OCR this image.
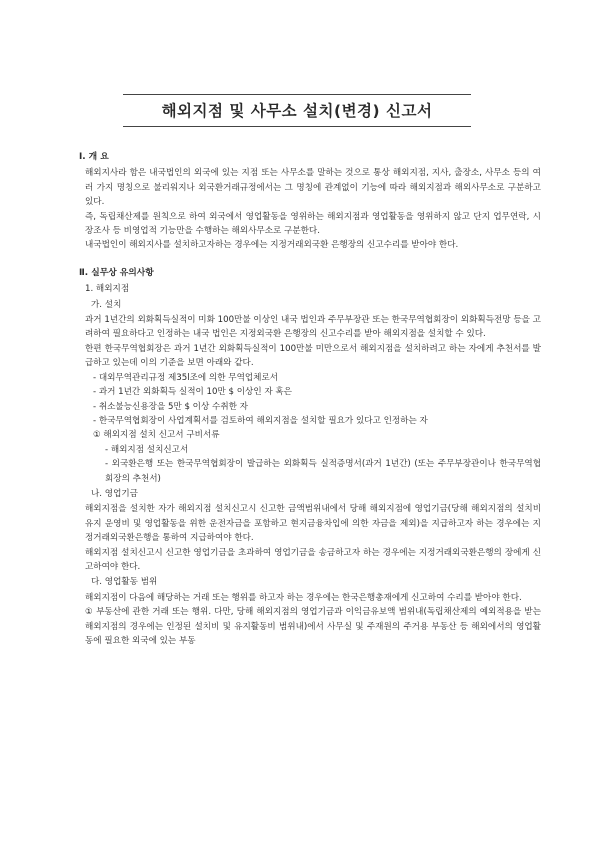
해외지점 및 사무소 설치(변경) 신고서
Ⅰ. 개 요

해외지사라 함은 내국법인의 외국에 있는 지점 또는 사무소를 말하는 것으로 통상 해외지점, 지사, 출장소, 사무소 등의 여러 가지 명칭으로 불리워지나 외국환거래규정에서는 그 명칭에 관계없이 기능에 따라 해외지점과 해외사무소로 구분하고 있다.

즉, 독립채산제를 원칙으로 하여 외국에서 영업활동을 영위하는 해외지점과 영업활동을 영위하지 않고 단지 업무연락, 시장조사 등 비영업적 기능만을 수행하는 해외사무소로 구분한다.

내국법인이 해외지사를 설치하고자하는 경우에는 지정거래외국환 은행장의 신고수리를 받아야 한다.

Ⅱ. 실무상 유의사항
1. 해외지점
가. 설치

과거 1년간의 외화획득실적이 미화 100만불 이상인 내국 법인과 주무부장관 또는 한국무역협회장이 외화획득전망 등을 고려하여 필요하다고 인정하는 내국 법인은 지정외국환 은행장의 신고수리를 받아 해외지점을 설치할 수 있다.

한편 한국무역협회장은 과거 1년간 외화획득실적이 100만불 미만으로서 해외지점을 설치하려고 하는 자에게 추천서를 발급하고 있는데 이의 기준을 보면 아래와 같다.

- 대외무역관리규정 제35l조에 의한 무역업체로서
- 과거 1년간 외화획득 실적이 10만 $ 이상인 자 혹은
- 취소불능신용장을 5만 $ 이상 수취한 자
- 한국무역협회장이 사업계획서를 검토하여 해외지점을 설치할 필요가 있다고 인정하는 자
① 해외지점 설치 신고서 구비서류
- 해외지점 설치신고서

- 외국환은행 또는 한국무역협회장이 발급하는 외화획득 실적증명서(과거 1년간) (또는 주무부장관이나 한국무역협회장의 추천서)

나. 영업기금

해외지점을 설치한 자가 해외지점 설치신고시 신고한 금액범위내에서 당해 해외지점에 영업기금(당해 해외지점의 설치비 유지 운영비 및 영업활동을 위한 운전자금을 포함하고 현지금융차입에 의한 자금을 제외)을 지급하고자 하는 경우에는 지정거래외국환은행을 통하여 지급하여야 한다.

해외지점 설치신고시 신고한 영업기금을 초과하여 영업기금을 송금하고자 하는 경우에는 지정거래외국환은행의 장에게 신고하여야 한다.

다. 영업활동 범위

해외지점이 다음에 해당하는 거래 또는 행위를 하고자 하는 경우에는 한국은행총재에게 신고하여 수리를 받아야 한다.

① 부동산에 관한 거래 또는 행위. 다만, 당해 해외지점의 영업기금과 이익금유보액 범위내(독립채산제의 예외적용을 받는 해외지점의 경우에는 인정된 설치비 및 유지활동비 범위내)에서 사무실 및 주재원의 주거용 부동산 등 해외에서의 영업활동에 필요한 외국에 있는 부동
